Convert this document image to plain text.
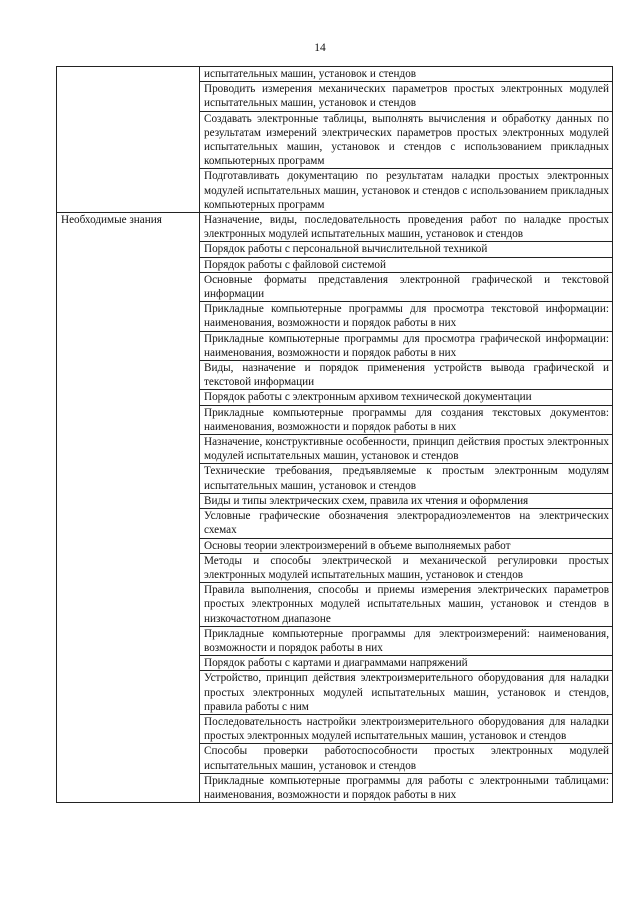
14
	испытательных машин, установок и стендов
	Проводить измерения механических параметров простых электронных модулей испытательных машин, установок и стендов
	Создавать электронные таблицы, выполнять вычисления и обработку данных по результатам измерений электрических параметров простых электронных модулей испытательных машин, установок и стендов с использованием прикладных компьютерных программ
	Подготавливать документацию по результатам наладки простых электронных модулей испытательных машин, установок и стендов с использованием прикладных компьютерных программ
Необходимые знания	Назначение, виды, последовательность проведения работ по наладке простых электронных модулей испытательных машин, установок и стендов
	Порядок работы с персональной вычислительной техникой
	Порядок работы с файловой системой
	Основные форматы представления электронной графической и текстовой информации
	Прикладные компьютерные программы для просмотра текстовой информации: наименования, возможности и порядок работы в них
	Прикладные компьютерные программы для просмотра графической информации: наименования, возможности и порядок работы в них
	Виды, назначение и порядок применения устройств вывода графической и текстовой информации
	Порядок работы с электронным архивом технической документации
	Прикладные компьютерные программы для создания текстовых документов: наименования, возможности и порядок работы в них
	Назначение, конструктивные особенности, принцип действия простых электронных модулей испытательных машин, установок и стендов
	Технические требования, предъявляемые к простым электронным модулям испытательных машин, установок и стендов
	Виды и типы электрических схем, правила их чтения и оформления
	Условные графические обозначения электрорадиоэлементов на электрических схемах
	Основы теории электроизмерений в объеме выполняемых работ
	Методы и способы электрической и механической регулировки простых электронных модулей испытательных машин, установок и стендов
	Правила выполнения, способы и приемы измерения электрических параметров простых электронных модулей испытательных машин, установок и стендов в низкочастотном диапазоне
	Прикладные компьютерные программы для электроизмерений: наименования, возможности и порядок работы в них
	Порядок работы с картами и диаграммами напряжений
	Устройство, принцип действия электроизмерительного оборудования для наладки простых электронных модулей испытательных машин, установок и стендов, правила работы с ним
	Последовательность настройки электроизмерительного оборудования для наладки простых электронных модулей испытательных машин, установок и стендов
	Способы проверки работоспособности простых электронных модулей испытательных машин, установок и стендов
	Прикладные компьютерные программы для работы с электронными таблицами: наименования, возможности и порядок работы в них
